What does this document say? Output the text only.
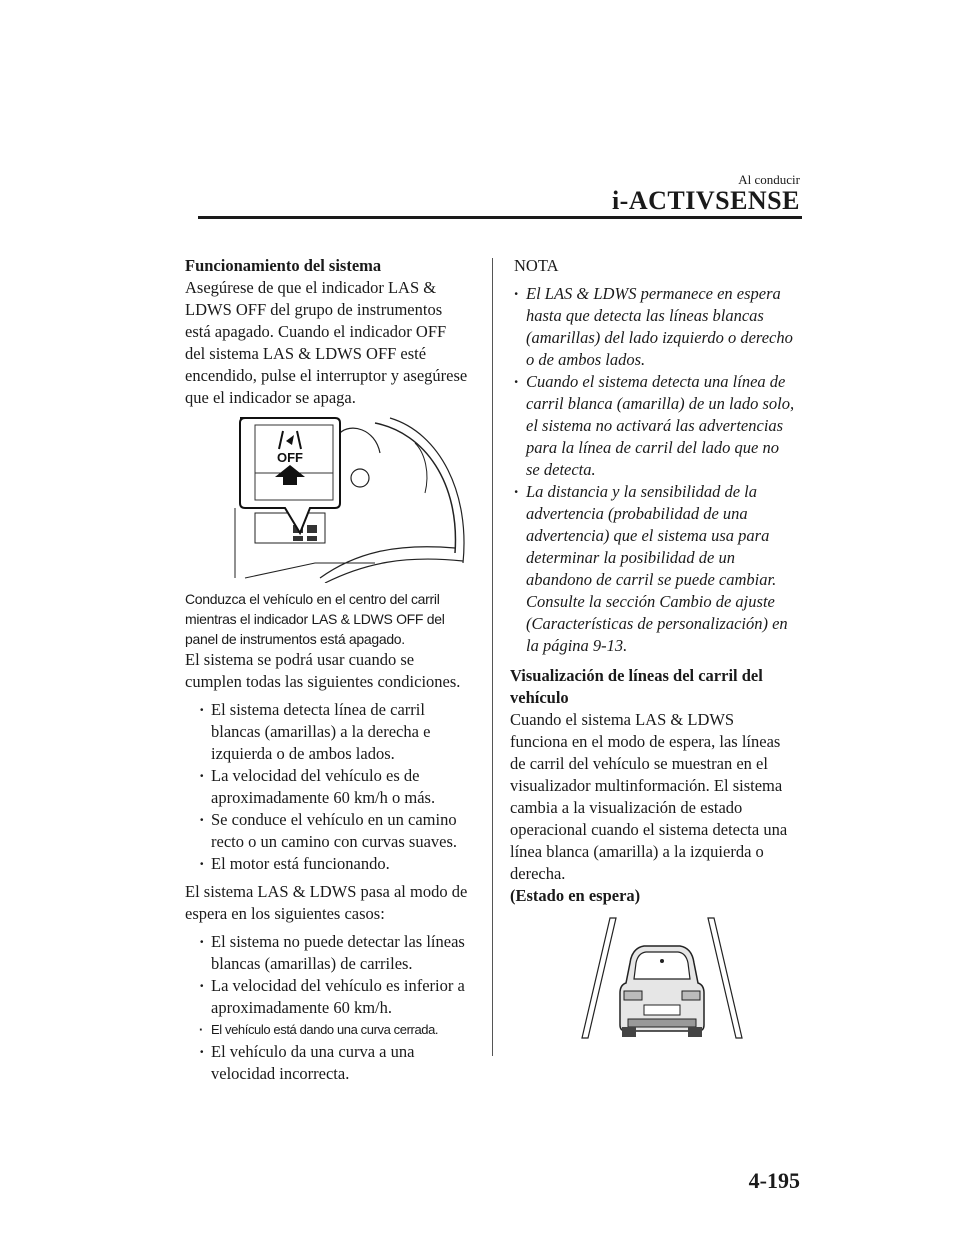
Al conducir
i-ACTIVSENSE

Funcionamiento del sistema

Asegúrese de que el indicador LAS & LDWS OFF del grupo de instrumentos está apagado. Cuando el indicador OFF del sistema LAS & LDWS OFF esté encendido, pulse el interruptor y asegúrese que el indicador se apaga.

OFF

Conduzca el vehículo en el centro del carril mientras el indicador LAS & LDWS OFF del panel de instrumentos está apagado.

El sistema se podrá usar cuando se cumplen todas las siguientes condiciones.

· El sistema detecta línea de carril blancas (amarillas) a la derecha e izquierda o de ambos lados.
· La velocidad del vehículo es de aproximadamente 60 km/h o más.
· Se conduce el vehículo en un camino recto o un camino con curvas suaves.
· El motor está funcionando.

El sistema LAS & LDWS pasa al modo de espera en los siguientes casos:

· El sistema no puede detectar las líneas blancas (amarillas) de carriles.
· La velocidad del vehículo es inferior a aproximadamente 60 km/h.
· El vehículo está dando una curva cerrada.
· El vehículo da una curva a una velocidad incorrecta.

NOTA

· El LAS & LDWS permanece en espera hasta que detecta las líneas blancas (amarillas) del lado izquierdo o derecho o de ambos lados.
· Cuando el sistema detecta una línea de carril blanca (amarilla) de un lado solo, el sistema no activará las advertencias para la línea de carril del lado que no se detecta.
· La distancia y la sensibilidad de la advertencia (probabilidad de una advertencia) que el sistema usa para determinar la posibilidad de un abandono de carril se puede cambiar. Consulte la sección Cambio de ajuste (Características de personalización) en la página 9-13.

Visualización de líneas del carril del vehículo

Cuando el sistema LAS & LDWS funciona en el modo de espera, las líneas de carril del vehículo se muestran en el visualizador multinformación. El sistema cambia a la visualización de estado operacional cuando el sistema detecta una línea blanca (amarilla) a la izquierda o derecha.

(Estado en espera)

4-195
